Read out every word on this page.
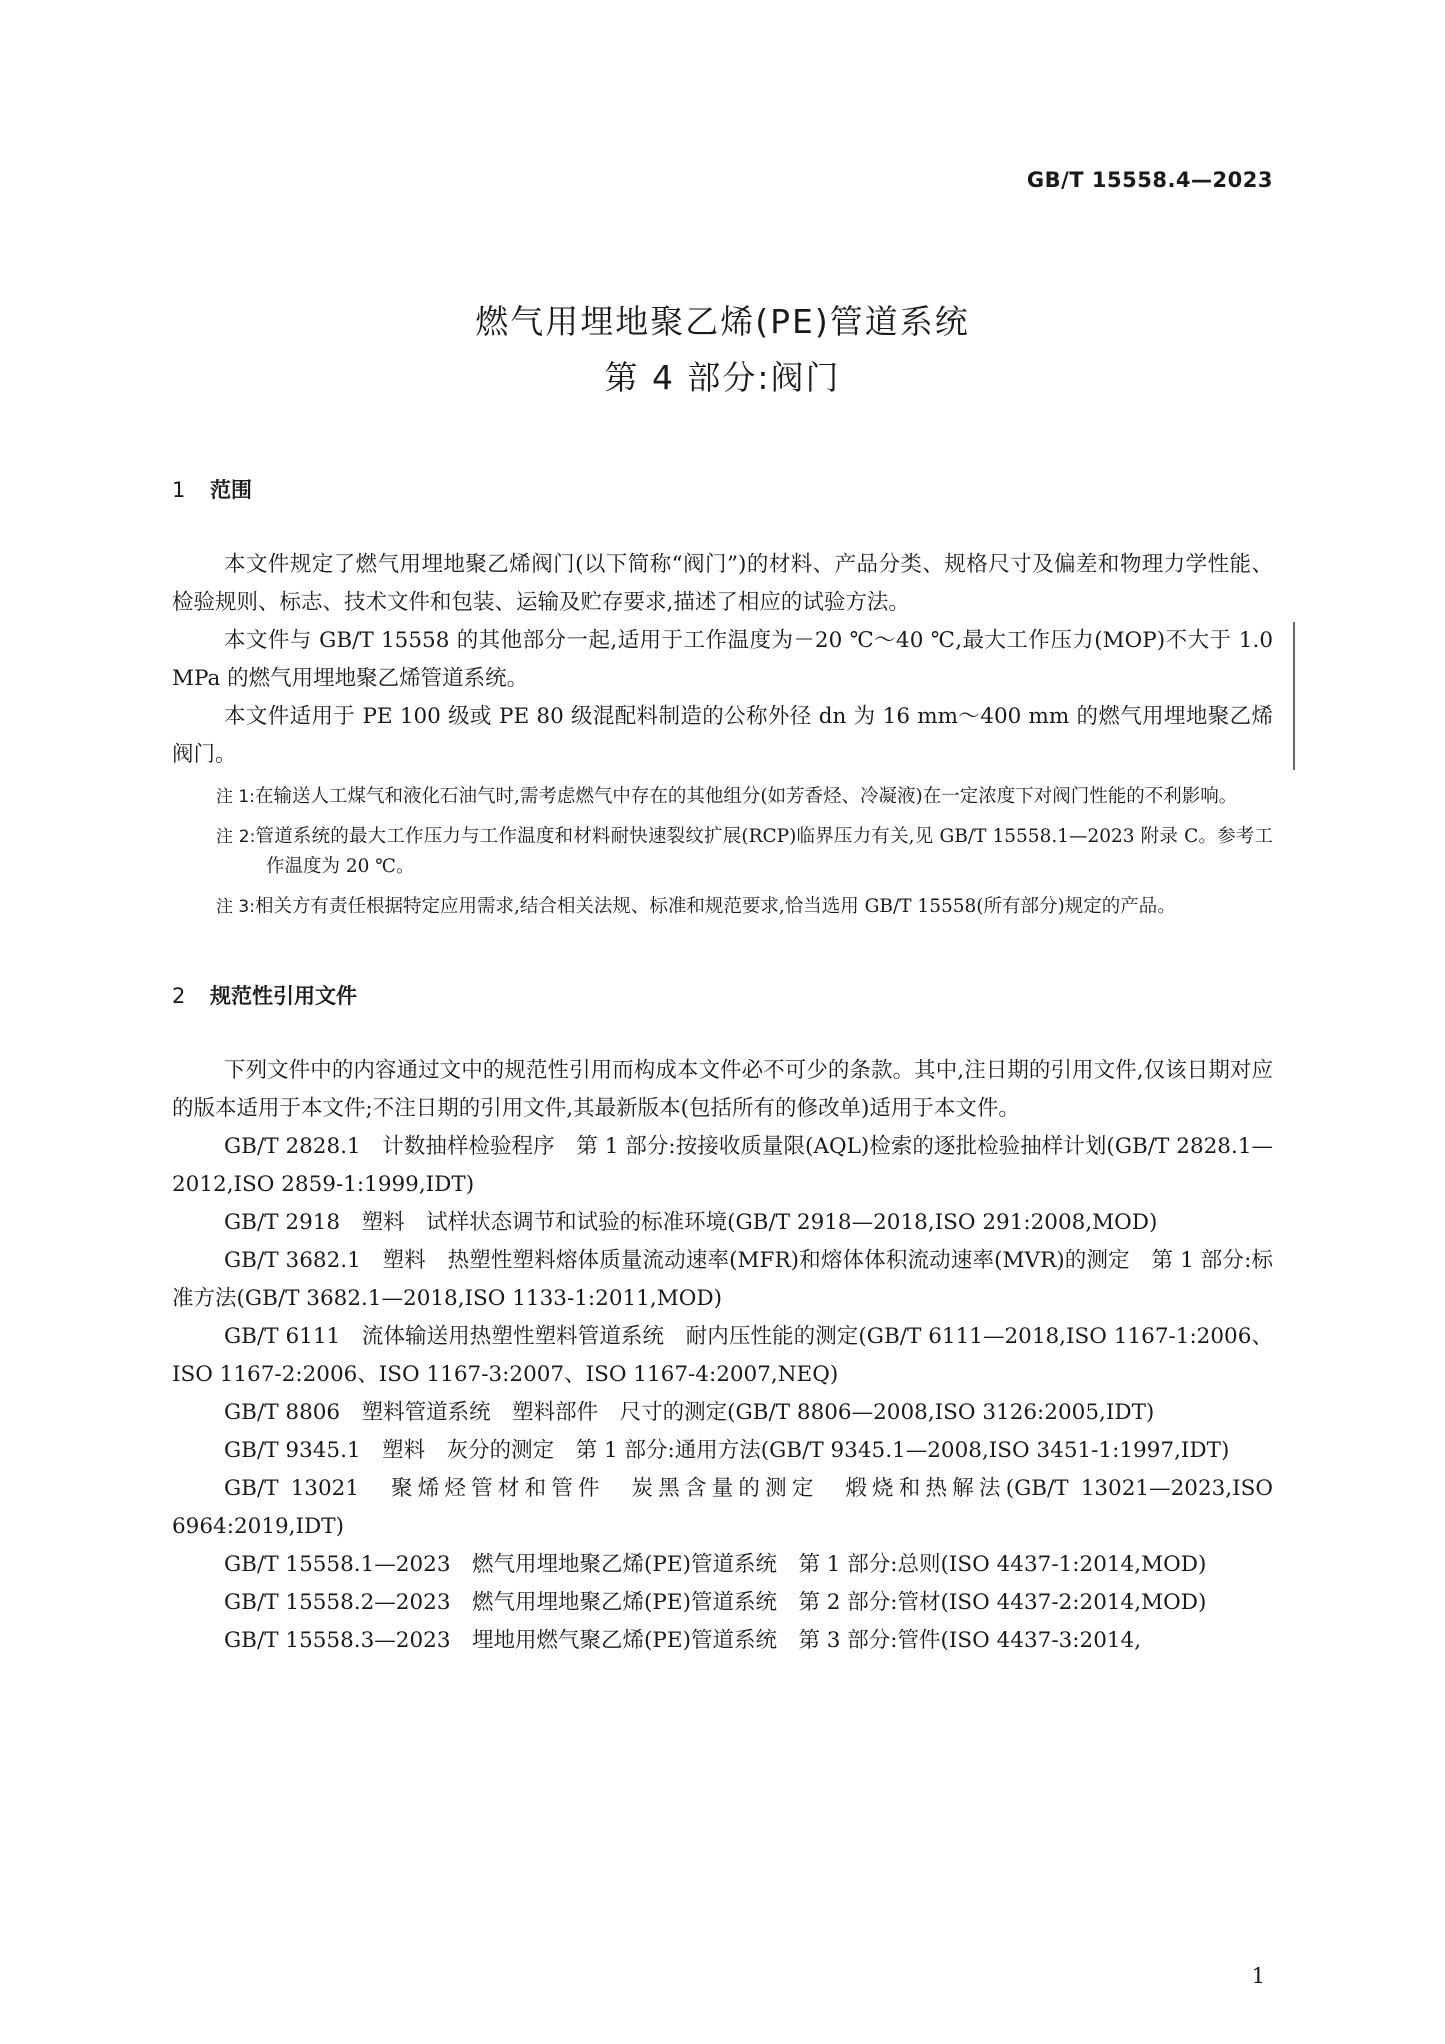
GB/T 15558.4—2023
燃气用埋地聚乙烯(PE)管道系统
第 4 部分:阀门
1 范围

本文件规定了燃气用埋地聚乙烯阀门(以下简称“阀门”)的材料、产品分类、规格尺寸及偏差和物理力学性能、检验规则、标志、技术文件和包装、运输及贮存要求,描述了相应的试验方法。

本文件与 GB/T 15558 的其他部分一起,适用于工作温度为－20 ℃～40 ℃,最大工作压力(MOP)不大于 1.0 MPa 的燃气用埋地聚乙烯管道系统。

本文件适用于 PE 100 级或 PE 80 级混配料制造的公称外径 dn 为 16 mm～400 mm 的燃气用埋地聚乙烯阀门。

注 1:在输送人工煤气和液化石油气时,需考虑燃气中存在的其他组分(如芳香烃、冷凝液)在一定浓度下对阀门性能的不利影响。
注 2:管道系统的最大工作压力与工作温度和材料耐快速裂纹扩展(RCP)临界压力有关,见 GB/T 15558.1—2023 附录 C。参考工作温度为 20 ℃。
注 3:相关方有责任根据特定应用需求,结合相关法规、标准和规范要求,恰当选用 GB/T 15558(所有部分)规定的产品。
2 规范性引用文件

下列文件中的内容通过文中的规范性引用而构成本文件必不可少的条款。其中,注日期的引用文件,仅该日期对应的版本适用于本文件;不注日期的引用文件,其最新版本(包括所有的修改单)适用于本文件。

GB/T 2828.1　计数抽样检验程序　第 1 部分:按接收质量限(AQL)检索的逐批检验抽样计划(GB/T 2828.1—2012,ISO 2859-1:1999,IDT)

GB/T 2918　塑料　试样状态调节和试验的标准环境(GB/T 2918—2018,ISO 291:2008,MOD)

GB/T 3682.1　塑料　热塑性塑料熔体质量流动速率(MFR)和熔体体积流动速率(MVR)的测定　第 1 部分:标准方法(GB/T 3682.1—2018,ISO 1133-1:2011,MOD)

GB/T 6111　流体输送用热塑性塑料管道系统　耐内压性能的测定(GB/T 6111—2018,ISO 1167-1:2006、ISO 1167-2:2006、ISO 1167-3:2007、ISO 1167-4:2007,NEQ)

GB/T 8806　塑料管道系统　塑料部件　尺寸的测定(GB/T 8806—2008,ISO 3126:2005,IDT)

GB/T 9345.1　塑料　灰分的测定　第 1 部分:通用方法(GB/T 9345.1—2008,ISO 3451-1:1997,IDT)

GB/T 13021　聚烯烃管材和管件　炭黑含量的测定　煅烧和热解法(GB/T 13021—2023,ISO 6964:2019,IDT)

GB/T 15558.1—2023　燃气用埋地聚乙烯(PE)管道系统　第 1 部分:总则(ISO 4437-1:2014,MOD)

GB/T 15558.2—2023　燃气用埋地聚乙烯(PE)管道系统　第 2 部分:管材(ISO 4437-2:2014,MOD)

GB/T 15558.3—2023　埋地用燃气聚乙烯(PE)管道系统　第 3 部分:管件(ISO 4437-3:2014,

1
